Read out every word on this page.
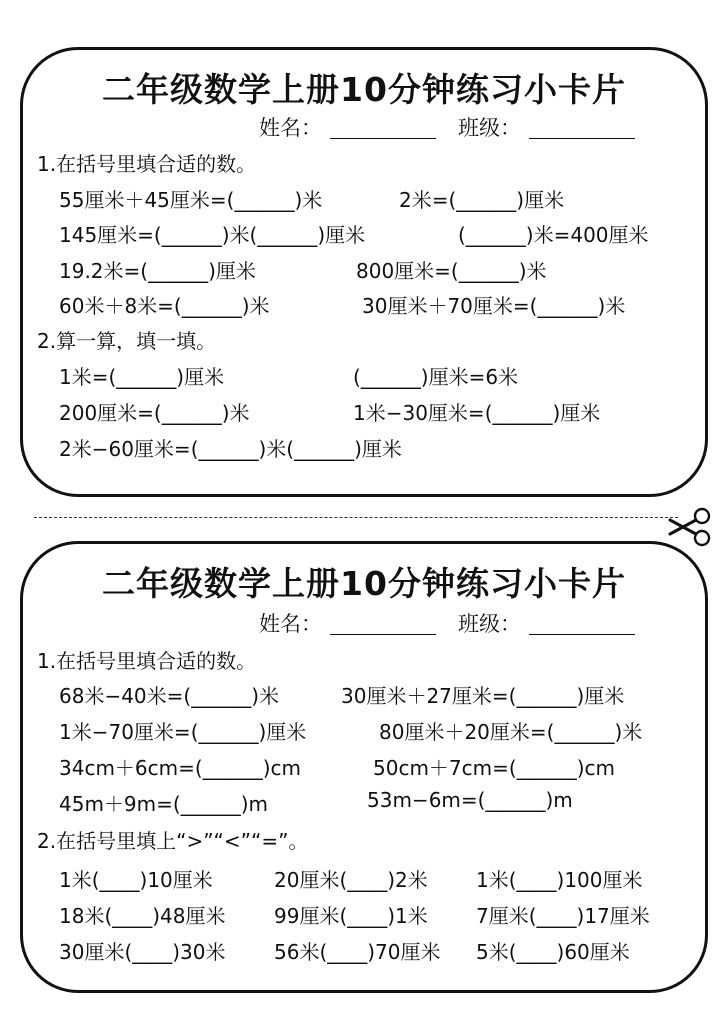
二年级数学上册10分钟练习小卡片
姓名：	班级：
1.在括号里填合适的数。
55厘米＋45厘米=(______)米	2米=(______)厘米
145厘米=(______)米(______)厘米	(______)米=400厘米
19.2米=(______)厘米	800厘米=(______)米
60米＋8米=(______)米	30厘米＋70厘米=(______)米
2.算一算，填一填。
1米=(______)厘米	(______)厘米=6米
200厘米=(______)米	1米−30厘米=(______)厘米
2米−60厘米=(______)米(______)厘米
二年级数学上册10分钟练习小卡片
姓名：	班级：
1.在括号里填合适的数。
68米−40米=(______)米	30厘米＋27厘米=(______)厘米
1米−70厘米=(______)厘米	80厘米＋20厘米=(______)米
34cm＋6cm=(______)cm	50cm＋7cm=(______)cm
45m＋9m=(______)m	53m−6m=(______)m
2.在括号里填上“>”“<”“=”。
1米(____)10厘米	20厘米(____)2米 1米(____)100厘米
18米(____)48厘米 99厘米(____)1米 7厘米(____)17厘米
30厘米(____)30米 56米(____)70厘米 5米(____)60厘米
